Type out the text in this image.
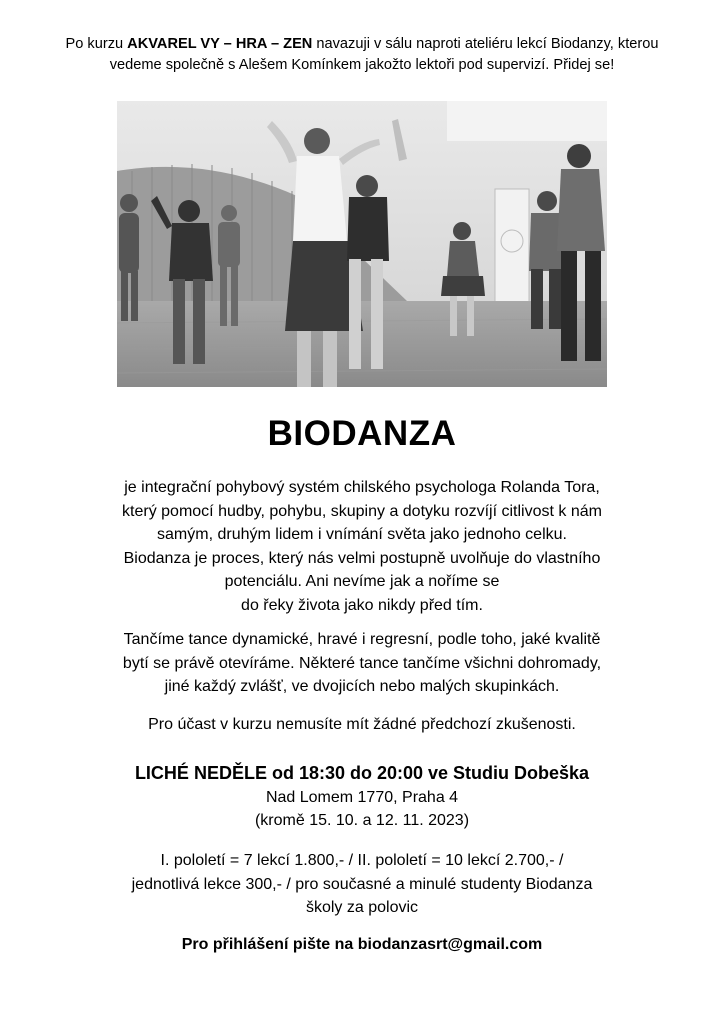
Po kurzu AKVAREL VY – HRA – ZEN navazuji v sálu naproti ateliéru lekcí Biodanzy, kterou
vedeme společně s Alešem Komínkem jakožto lektoři pod supervizí. Přidej se!
BIODANZA
je integrační pohybový systém chilského psychologa Rolanda Tora,
který pomocí hudby, pohybu, skupiny a dotyku rozvíjí citlivost k nám
samým, druhým lidem i vnímání světa jako jednoho celku.
Biodanza je proces, který nás velmi postupně uvolňuje do vlastního
potenciálu. Ani nevíme jak a noříme se
do řeky života jako nikdy před tím.
Tančíme tance dynamické, hravé i regresní, podle toho, jaké kvalitě
bytí se právě otevíráme. Některé tance tančíme všichni dohromady,
jiné každý zvlášť, ve dvojicích nebo malých skupinkách.
Pro účast v kurzu nemusíte mít žádné předchozí zkušenosti.
LICHÉ NEDĚLE od 18:30 do 20:00 ve Studiu Dobeška
Nad Lomem 1770, Praha 4
(kromě 15. 10. a 12. 11. 2023)
I. pololetí = 7 lekcí 1.800,- / II. pololetí = 10 lekcí 2.700,- /
jednotlivá lekce 300,- / pro současné a minulé studenty Biodanza
školy za polovic
Pro přihlášení pište na biodanzasrt@gmail.com
